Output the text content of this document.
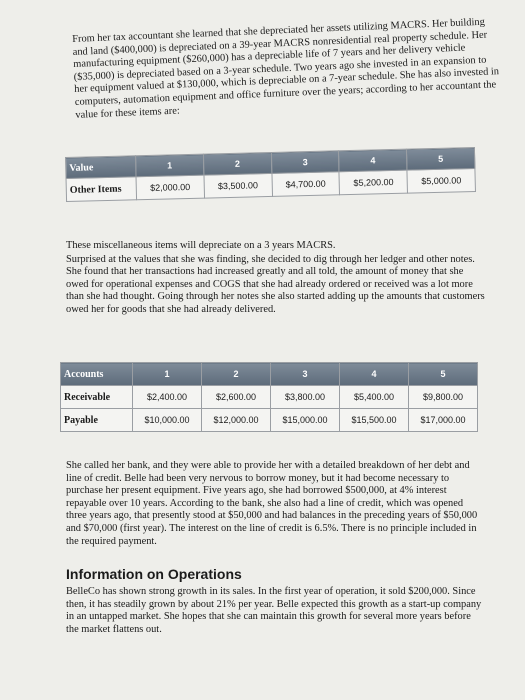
From her tax accountant she learned that she depreciated her assets utilizing MACRS. Her building and land ($400,000) is depreciated on a 39-year MACRS nonresidential real property schedule. Her manufacturing equipment ($260,000) has a depreciable life of 7 years and her delivery vehicle ($35,000) is depreciated based on a 3-year schedule. Two years ago she invested in an expansion to her equipment valued at $130,000, which is depreciable on a 7-year schedule. She has also invested in computers, automation equipment and office furniture over the years; according to her accountant the value for these items are:

Value	1	2	3	4	5
Other Items	$2,000.00	$3,500.00	$4,700.00	$5,200.00	$5,000.00
These miscellaneous items will depreciate on a 3 years MACRS.
Surprised at the values that she was finding, she decided to dig through her ledger and other notes. She found that her transactions had increased greatly and all told, the amount of money that she owed for operational expenses and COGS that she had already ordered or received was a lot more than she had thought. Going through her notes she also started adding up the amounts that customers owed her for goods that she had already delivered.
Accounts	1	2	3	4	5
Receivable	$2,400.00	$2,600.00	$3,800.00	$5,400.00	$9,800.00
Payable	$10,000.00	$12,000.00	$15,000.00	$15,500.00	$17,000.00

She called her bank, and they were able to provide her with a detailed breakdown of her debt and line of credit. Belle had been very nervous to borrow money, but it had become necessary to purchase her present equipment. Five years ago, she had borrowed $500,000, at 4% interest repayable over 10 years. According to the bank, she also had a line of credit, which was opened three years ago, that presently stood at $50,000 and had balances in the preceding years of $50,000 and $70,000 (first year). The interest on the line of credit is 6.5%. There is no principle included in the required payment.

Information on Operations

BelleCo has shown strong growth in its sales. In the first year of operation, it sold $200,000. Since then, it has steadily grown by about 21% per year. Belle expected this growth as a start-up company in an untapped market. She hopes that she can maintain this growth for several more years before the market flattens out.
